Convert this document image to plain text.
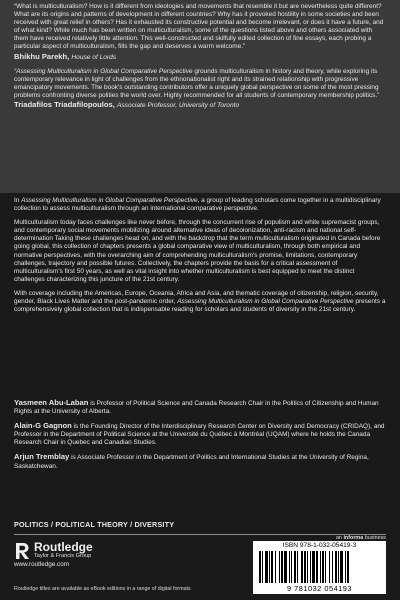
“What is multiculturalism? How is it different from ideologies and movements that resemble it but are nevertheless quite different? What are its origins and patterns of development in different countries? Why has it provoked hostility in some societies and been received with great relief in others? Has it exhausted its constructive potential and become irrelevant, or does it have a future, and of what kind? While much has been written on multiculturalism, some of the questions listed above and others associated with them have received relatively little attention. This well-constructed and skilfully edited collection of fine essays, each probing a particular aspect of multiculturalism, fills the gap and deserves a warm welcome.”

Bhikhu Parekh, House of Lords

“Assessing Multiculturalism in Global Comparative Perspective grounds multiculturalism in history and theory, while exploring its contemporary relevance in light of challenges from the ethnonationalist right and its strained relationship with progressive emancipatory movements. The book's outstanding contributors offer a uniquely global perspective on some of the most pressing problems confronting diverse polities the world over. Highly recommended for all students of contemporary membership politics.”

Triadafilos Triadafilopoulos, Associate Professor, University of Toronto

In Assessing Multiculturalism in Global Comparative Perspective, a group of leading scholars come together in a multidisciplinary collection to assess multiculturalism through an international comparative perspective.

Multiculturalism today faces challenges like never before, through the concurrent rise of populism and white supremacist groups, and contemporary social movements mobilizing around alternative ideas of decolonization, anti-racism and national self-determination Taking these challenges head on, and with the backdrop that the term multiculturalism originated in Canada before going global, this collection of chapters presents a global comparative view of multiculturalism, through both empirical and normative perspectives, with the overarching aim of comprehending multiculturalism's promise, limitations, contemporary challenges, trajectory and possible futures. Collectively, the chapters provide the basis for a critical assessment of multiculturalism's first 50 years, as well as vital insight into whether multiculturalism is best equipped to meet the distinct challenges characterizing this juncture of the 21st century.

With coverage including the Americas, Europe, Oceania, Africa and Asia, and thematic coverage of citizenship, religion, security, gender, Black Lives Matter and the post-pandemic order, Assessing Multiculturalism in Global Comparative Perspective presents a comprehensively global collection that is indispensable reading for scholars and students of diversity in the 21st century.

Yasmeen Abu-Laban is Professor of Political Science and Canada Research Chair in the Politics of Citizenship and Human Rights at the University of Alberta.

Alain-G Gagnon is the Founding Director of the Interdisciplinary Research Center on Diversity and Democracy (CRIDAQ), and Professor in the Department of Political Science at the Université du Québec à Montréal (UQAM) where he holds the Canada Research Chair in Quebec and Canadian Studies.

Arjun Tremblay is Associate Professor in the Department of Politics and International Studies at the University of Regina, Saskatchewan.

POLITICS / POLITICAL THEORY / DIVERSITY
an informa business
Routledge
Taylor & Francis Group
www.routledge.com
Routledge titles are available as eBook editions in a range of digital formats
ISBN 978-1-032-05419-3
9 781032 054193
